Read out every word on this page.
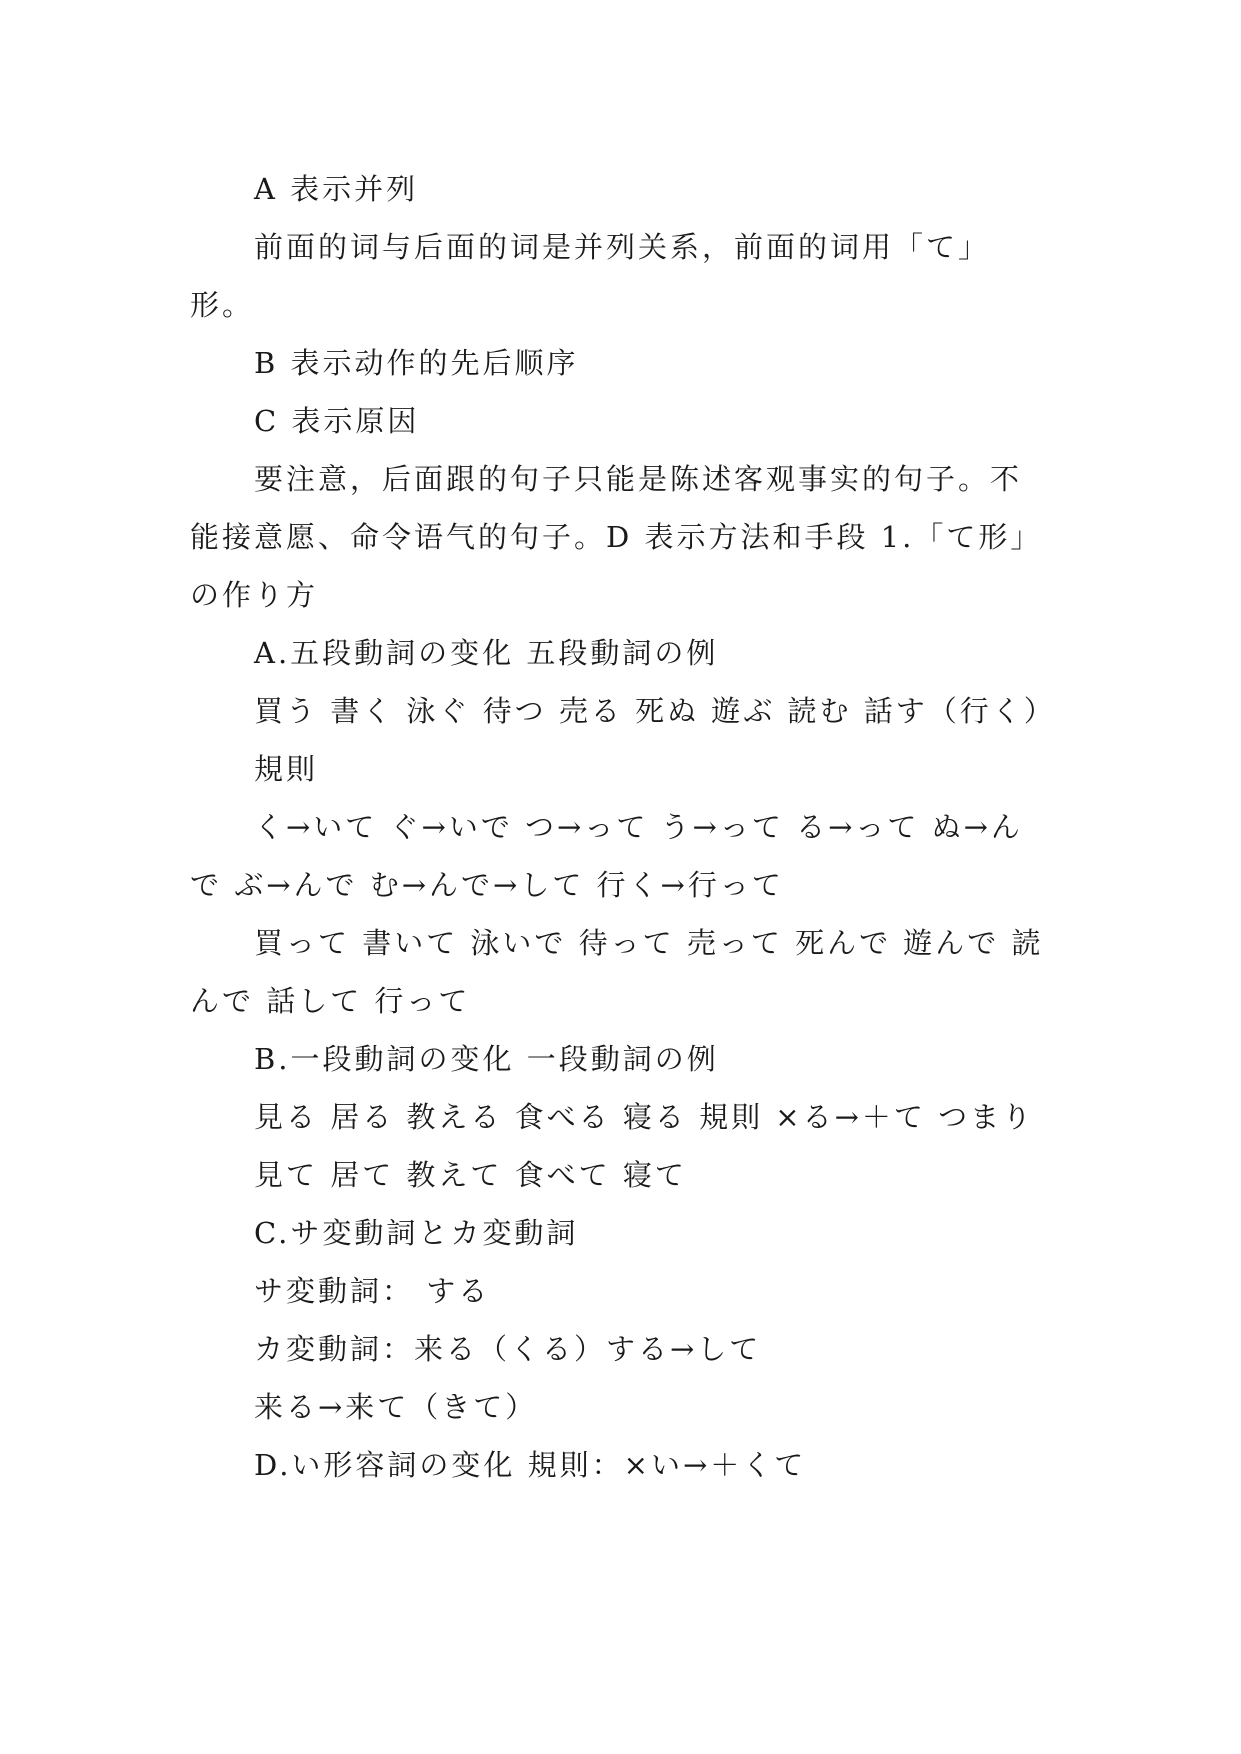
A 表示并列

前面的词与后面的词是并列关系，前面的词用「て」形。

B 表示动作的先后顺序

C 表示原因

要注意，后面跟的句子只能是陈述客观事实的句子。不能接意愿、命令语气的句子。D 表示方法和手段 1.「て形」の作り方

A.五段動詞の变化 五段動詞の例

買う 書く 泳ぐ 待つ 売る 死ぬ 遊ぶ 読む 話す（行く）

規則

く→いて ぐ→いで つ→って う→って る→って ぬ→んで ぶ→んで む→んで→して 行く→行って

買って 書いて 泳いで 待って 売って 死んで 遊んで 読んで 話して 行って

B.一段動詞の变化 一段動詞の例

見る 居る 教える 食べる 寝る 規則 ×る→＋て つまり

見て 居て 教えて 食べて 寝て

C.サ変動詞とカ変動詞

サ変動詞： する

カ変動詞：来る（くる）する→して

来る→来て（きて）

D.い形容詞の变化 規則：×い→＋くて
